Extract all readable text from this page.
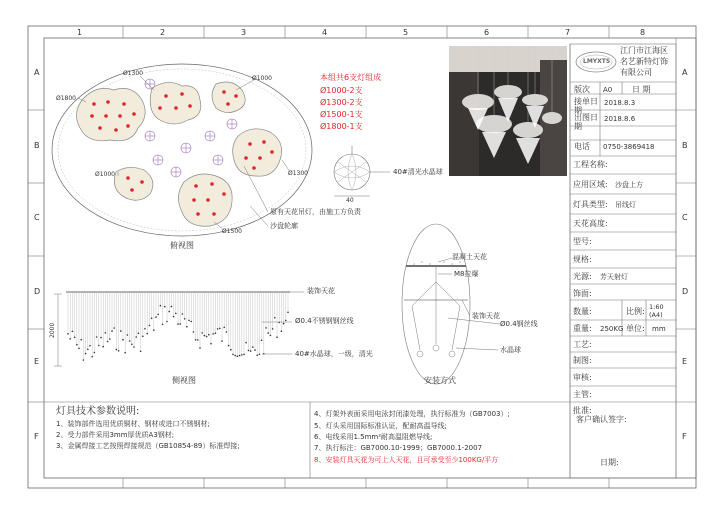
1	2	3	4	5	6	7	8
A
B
C
D
E
F
A
B
C
D
E
F
LMYXTS
江门市江海区
名艺新特灯饰
有限公司
版次 A0 日 期
接单日期
2018.8.3
出图日期
2018.8.6
电话 0750-3869418
工程名称:
应用区域: 沙盘上方
灯具类型: 吊线灯
天花高度:
型号:
规格:
光源: 芳天射灯
饰面:
数量:	比例: 1:60 (A4)
重量: 250KG 单位: mm
工艺:
制图:
审核:
主管:
批准:
客户确认签字:
日期:
Ø1300
Ø1000
Ø1800
Ø1000	Ø1300
Ø1500
原有天花吊灯，由施工方负责
沙盘轮廓
俯视图
本组共6支灯组成
Ø1000-2支
Ø1300-2支
Ø1500-1支
Ø1800-1支
40#清光水晶球
40
装饰天花
Ø0.4不锈钢钢丝线
40#水晶球，一级，清光
2000
侧视图
混凝土天花
M8拉爆
装饰天花
Ø0.4钢丝线
水晶球
安装方式
灯具技术参数说明:
1、装饰部件选用优质铜材、钢材或进口不锈钢材;
2、受力部件采用3mm厚优质A3钢材;
3、金属焊接工艺按照焊接规范（GB10854-89）标准焊接;
4、灯架外表面采用电泳封闭漆处理，执行标准为（GB7003）;
5、灯头采用国际标准认证，配耐高温导线;
6、电线采用1.5mm²耐高温阻燃导线;
7、执行标注：GB7000.10-1999；GB7000.1-2007
8、安装灯具天花为可上人天花，且可承受至少100KG/平方
